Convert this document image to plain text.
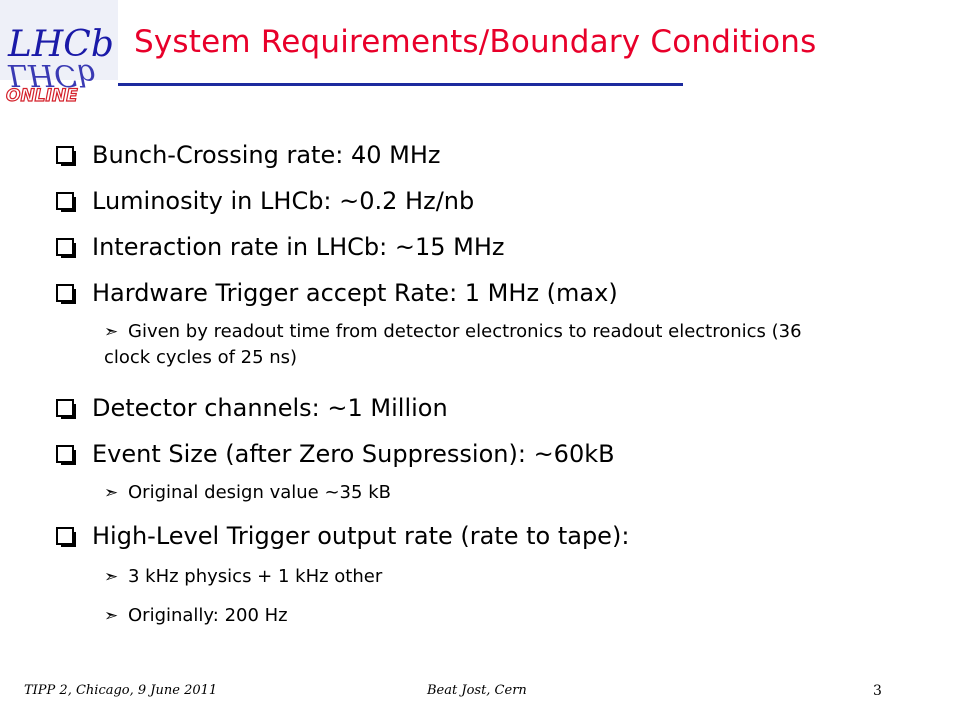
LHCb
LHCb
ONLINE
System Requirements/Boundary Conditions
Bunch-Crossing rate: 40 MHz
Luminosity in LHCb: ~0.2 Hz/nb
Interaction rate in LHCb: ~15 MHz
Hardware Trigger accept Rate: 1 MHz (max)
➣ Given by readout time from detector electronics to readout electronics (36 clock cycles of 25 ns)
Detector channels: ~1 Million
Event Size (after Zero Suppression): ~60kB
➣ Original design value ~35 kB
High-Level Trigger output rate (rate to tape):
➣ 3 kHz physics + 1 kHz other
➣ Originally: 200 Hz
TIPP 2, Chicago, 9 June 2011	Beat Jost, Cern	3
